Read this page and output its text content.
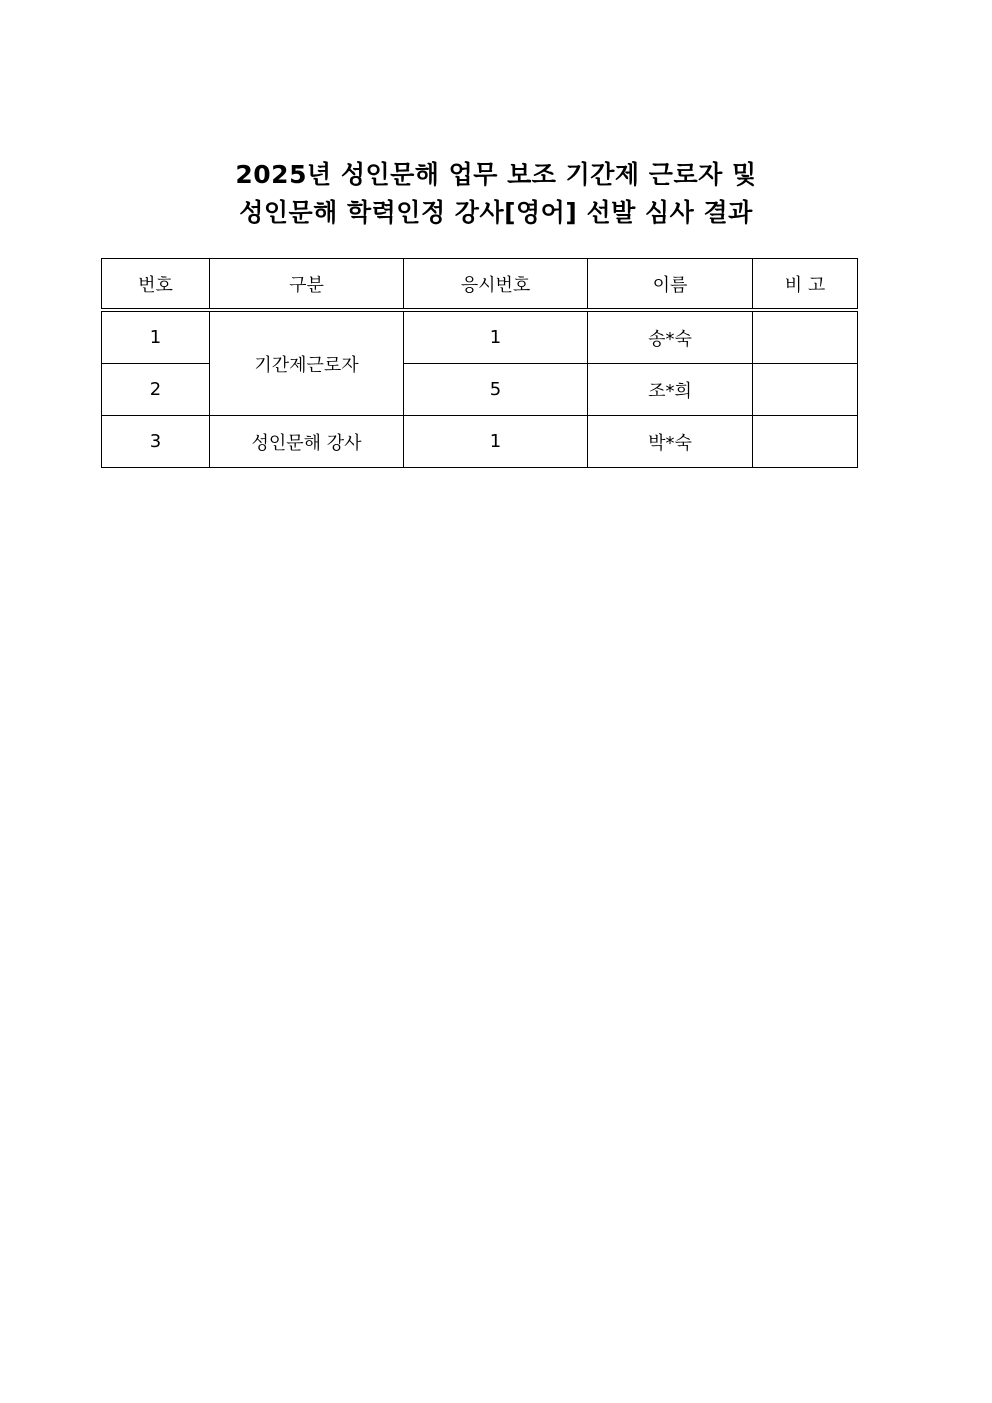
2025년 성인문해 업무 보조 기간제 근로자 및
성인문해 학력인정 강사[영어] 선발 심사 결과
번호	구분	응시번호	이름	비 고
1	기간제근로자	1	송*숙	
2		5	조*희	
3	성인문해 강사	1	박*숙	
